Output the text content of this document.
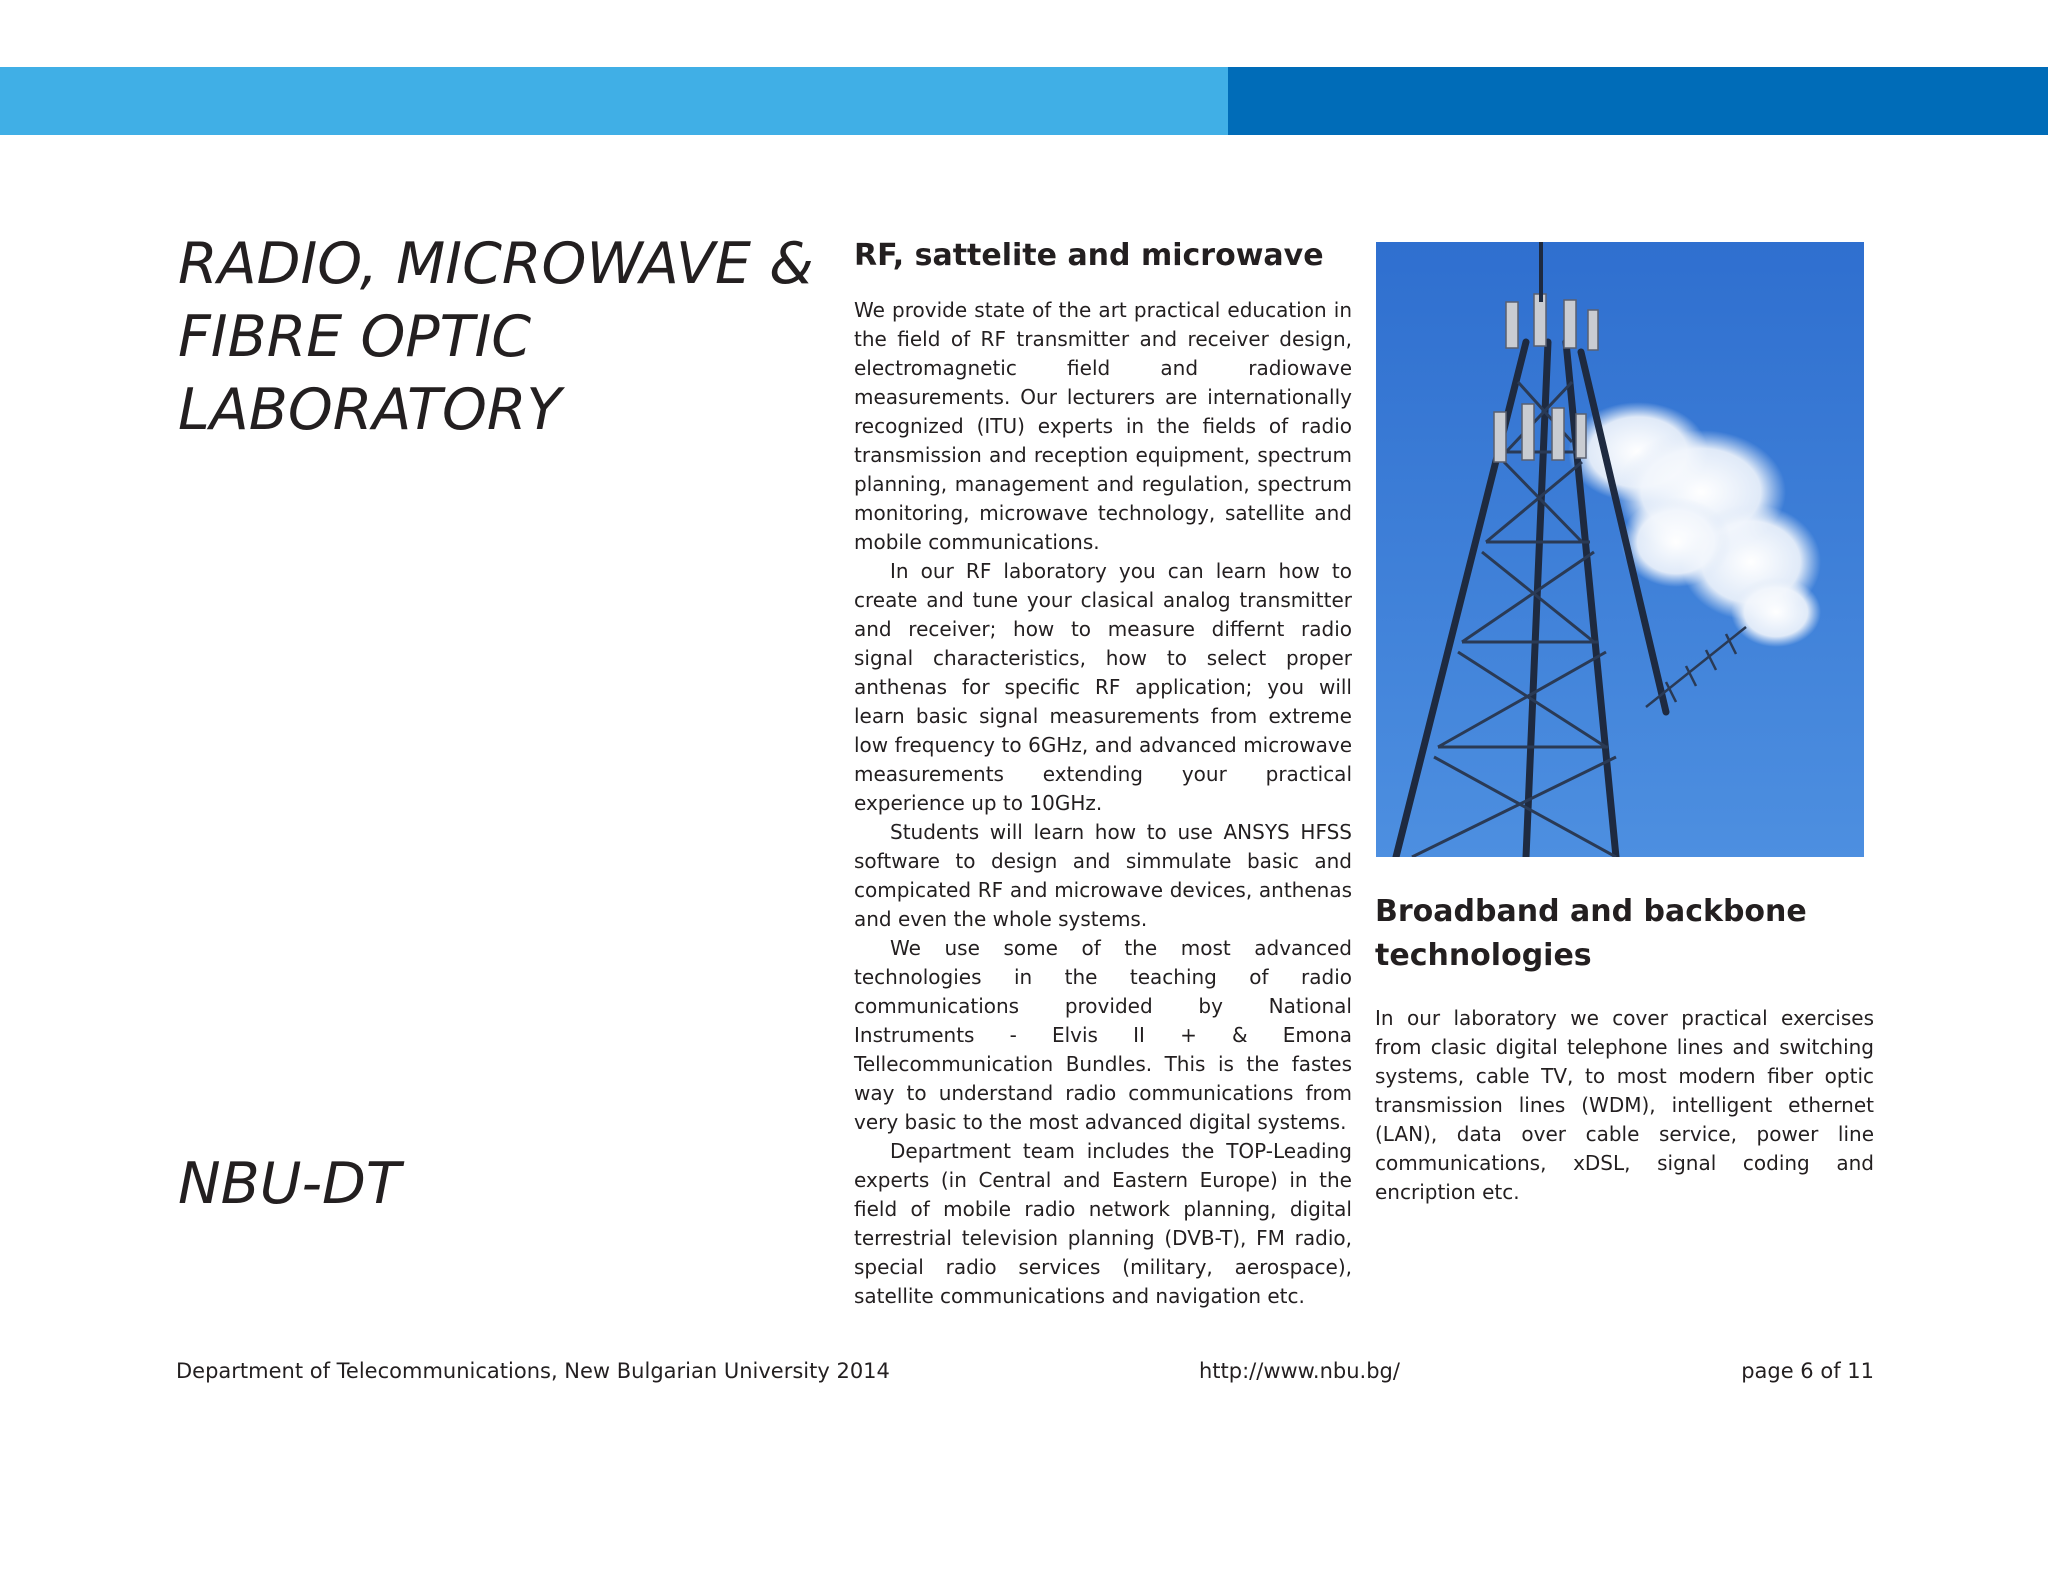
RADIO, MICROWAVE & FIBRE OPTIC LABORATORY

NBU-DT

RF, sattelite and microwave

We provide state of the art practical education in the field of RF transmitter and receiver design, electromagnetic field and radiowave measurements. Our lecturers are internationally recognized (ITU) experts in the fields of radio transmission and reception equipment, spectrum planning, management and regulation, spectrum monitoring, microwave technology, satellite and mobile communications.

In our RF laboratory you can learn how to create and tune your clasical analog transmitter and receiver; how to measure differnt radio signal characteristics, how to select proper anthenas for specific RF application; you will learn basic signal measurements from extreme low frequency to 6GHz, and advanced microwave measurements extending your practical experience up to 10GHz.

Students will learn how to use ANSYS HFSS software to design and simmulate basic and compicated RF and microwave devices, anthenas and even the whole systems.

We use some of the most advanced technologies in the teaching of radio communications provided by National Instruments - Elvis II + & Emona Tellecommunication Bundles. This is the fastes way to understand radio communications from very basic to the most advanced digital systems.

Department team includes the TOP-Leading experts (in Central and Eastern Europe) in the field of mobile radio network planning, digital terrestrial television planning (DVB-T), FM radio, special radio services (military, aerospace), satellite communications and navigation etc.

Broadband and backbone technologies

In our laboratory we cover practical exercises from clasic digital telephone lines and switching systems, cable TV, to most modern fiber optic transmission lines (WDM), intelligent ethernet (LAN), data over cable service, power line communications, xDSL, signal coding and encription etc.

Department of Telecommunications, New Bulgarian University 2014	http://www.nbu.bg/	page 6 of 11
